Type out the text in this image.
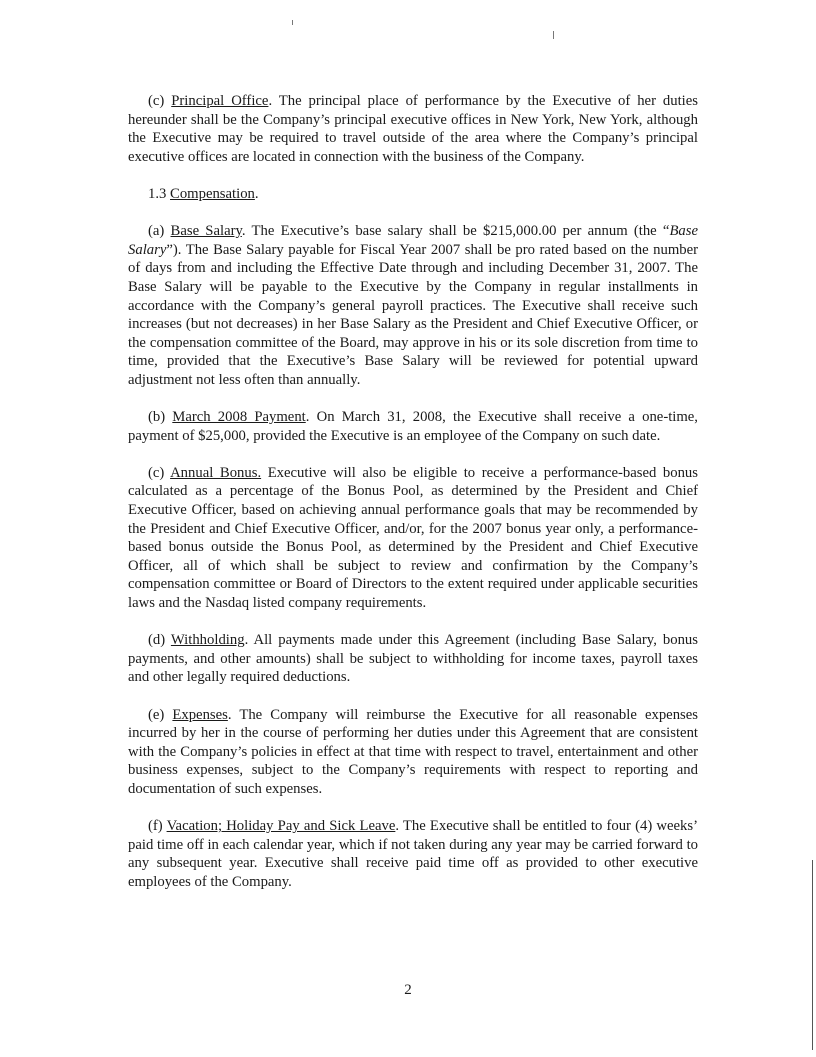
(c) Principal Office. The principal place of performance by the Executive of her duties hereunder shall be the Company’s principal executive offices in New York, New York, although the Executive may be required to travel outside of the area where the Company’s principal executive offices are located in connection with the business of the Company.

1.3 Compensation.

(a) Base Salary. The Executive’s base salary shall be $215,000.00 per annum (the “Base Salary”). The Base Salary payable for Fiscal Year 2007 shall be pro rated based on the number of days from and including the Effective Date through and including December 31, 2007. The Base Salary will be payable to the Executive by the Company in regular installments in accordance with the Company’s general payroll practices. The Executive shall receive such increases (but not decreases) in her Base Salary as the President and Chief Executive Officer, or the compensation committee of the Board, may approve in his or its sole discretion from time to time, provided that the Executive’s Base Salary will be reviewed for potential upward adjustment not less often than annually.

(b) March 2008 Payment. On March 31, 2008, the Executive shall receive a one-time, payment of $25,000, provided the Executive is an employee of the Company on such date.

(c) Annual Bonus. Executive will also be eligible to receive a performance-based bonus calculated as a percentage of the Bonus Pool, as determined by the President and Chief Executive Officer, based on achieving annual performance goals that may be recommended by the President and Chief Executive Officer, and/or, for the 2007 bonus year only, a performance-based bonus outside the Bonus Pool, as determined by the President and Chief Executive Officer, all of which shall be subject to review and confirmation by the Company’s compensation committee or Board of Directors to the extent required under applicable securities laws and the Nasdaq listed company requirements.

(d) Withholding. All payments made under this Agreement (including Base Salary, bonus payments, and other amounts) shall be subject to withholding for income taxes, payroll taxes and other legally required deductions.

(e) Expenses. The Company will reimburse the Executive for all reasonable expenses incurred by her in the course of performing her duties under this Agreement that are consistent with the Company’s policies in effect at that time with respect to travel, entertainment and other business expenses, subject to the Company’s requirements with respect to reporting and documentation of such expenses.

(f) Vacation; Holiday Pay and Sick Leave. The Executive shall be entitled to four (4) weeks’ paid time off in each calendar year, which if not taken during any year may be carried forward to any subsequent year. Executive shall receive paid time off as provided to other executive employees of the Company.

2
